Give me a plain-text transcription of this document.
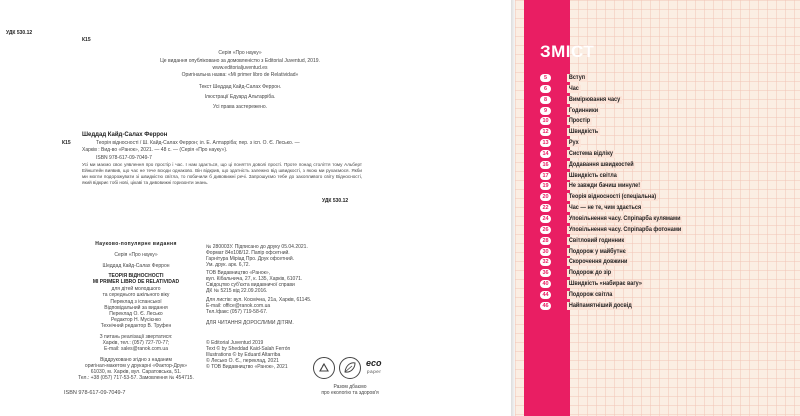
УДК 530.12
К15
Серія «Про науку»
Це видання опубліковано за домовленістю з Editorial Juventud, 2019.
www.editorialjuventud.es
Оригінальна назва: «Mi primer libro de Relatividad»
Текст Шеддад Кайд-Салах Феррон.
Ілюстрації Едуард Альтарріба.
Усі права застережено.
Шеддад Кайд-Салах Феррон
К15	Теорія відносності / Ш. Кайд-Салах Феррон; іл. Е. Алтарріба; пер. з ісп. О. Є. Лесько. —
Харків : Вид-во «Ранок», 2021. — 48 с. — (Серія «Про науку»).
ISBN 978-617-09-7049-7
Усі ми маємо своє уявлення про простір і час. І нам здається, що ці поняття доволі прості. Проте понад століття тому Альберт Ейнштейн виявив, що час не тече всюди однаково. Він відкрив, що здатність залежно від швидкості, з якою ми рухаємося. Якби ми могли подорожувати зі швидкістю світла, то побачили б дивовижні речі. Запрошуємо тебе до захопливого світу Відносності, який відкриє тобі нові, цікаві та дивовижні горизонти знань.
УДК 530.12
Науково-популярне видання
Серія «Про науку»
Шеддад Кайд-Салах Феррон
ТЕОРІЯ ВІДНОСНОСТІ
MI PRIMER LIBRO DE RELATIVIDAD
для дітей молодшого
та середнього шкільного віку
Переклад з іспанської
Відповідальний за видання
Переклад О. Є. Лесько
Редактор Н. Мусієнко
Технічний редактор В. Труфен
З питань реалізації звертатися:
Харків, тел.: (057) 727-70-77;
Е-mail: sales@ranok.com.ua
Віддруковано згідно з наданим
оригінал-макетом у друкарні «Фактор-Друк»
61030, м. Харків, вул. Саратовська, 51.
Тел.: +38 (057) 717-53-57. Замовлення № 454715.
ISBN 978-617-09-7049-7
№ 280003У. Підписано до друку 05.04.2021.
Формат 84х108/12. Папір офсетний.
Гарнітура Міріад Про. Друк офсетний.
Ум. друк. арк. 6,72.
ТОВ Видавництво «Ранок»,
вул. Кібальчича, 27, к. 135, Харків, 61071.
Свідоцтво суб'єкта видавничої справи
ДК № 5215 від 22.09.2016.
Для листів: вул. Космічна, 21а, Харків, 61145.
E-mail: office@ranok.com.ua
Тел./факс (057) 719-58-67.
ДЛЯ ЧИТАННЯ ДОРОСЛИМИ ДІТЯМ.
© Editorial Juventud 2019
Text © by Sheddad Kaid-Salah Ferrón
Illustrations © by Eduard Altarriba
© Лесько О. Є., переклад, 2021
© ТОВ Видавництво «Ранок», 2021	eco
paper
Разом дбаємо
про екологію та здоров'я
ЗМІСТ
5	Вступ
6	Час
8	Вимірювання часу
9	Годинники
10	Простір
12	Швидкість
13	Рух
14	Система відліку
16	Додавання швидкостей
17	Швидкість світла
19	Не завжди бачиш минуле!
20	Теорія відносності (спеціальна)
22	Час — не те, чим здається
24	Уповільнення часу. Спріпарба кулямами
26	Уповільнення часу. Спріпарба фотонами
28	Світловий годинник
30	Подорож у майбутнє
32	Скорочення довжини
36	Подорож до зір
40	Швидкість «набирає вагу»
44	Подорож світла
46	Найпамятніший досвід
